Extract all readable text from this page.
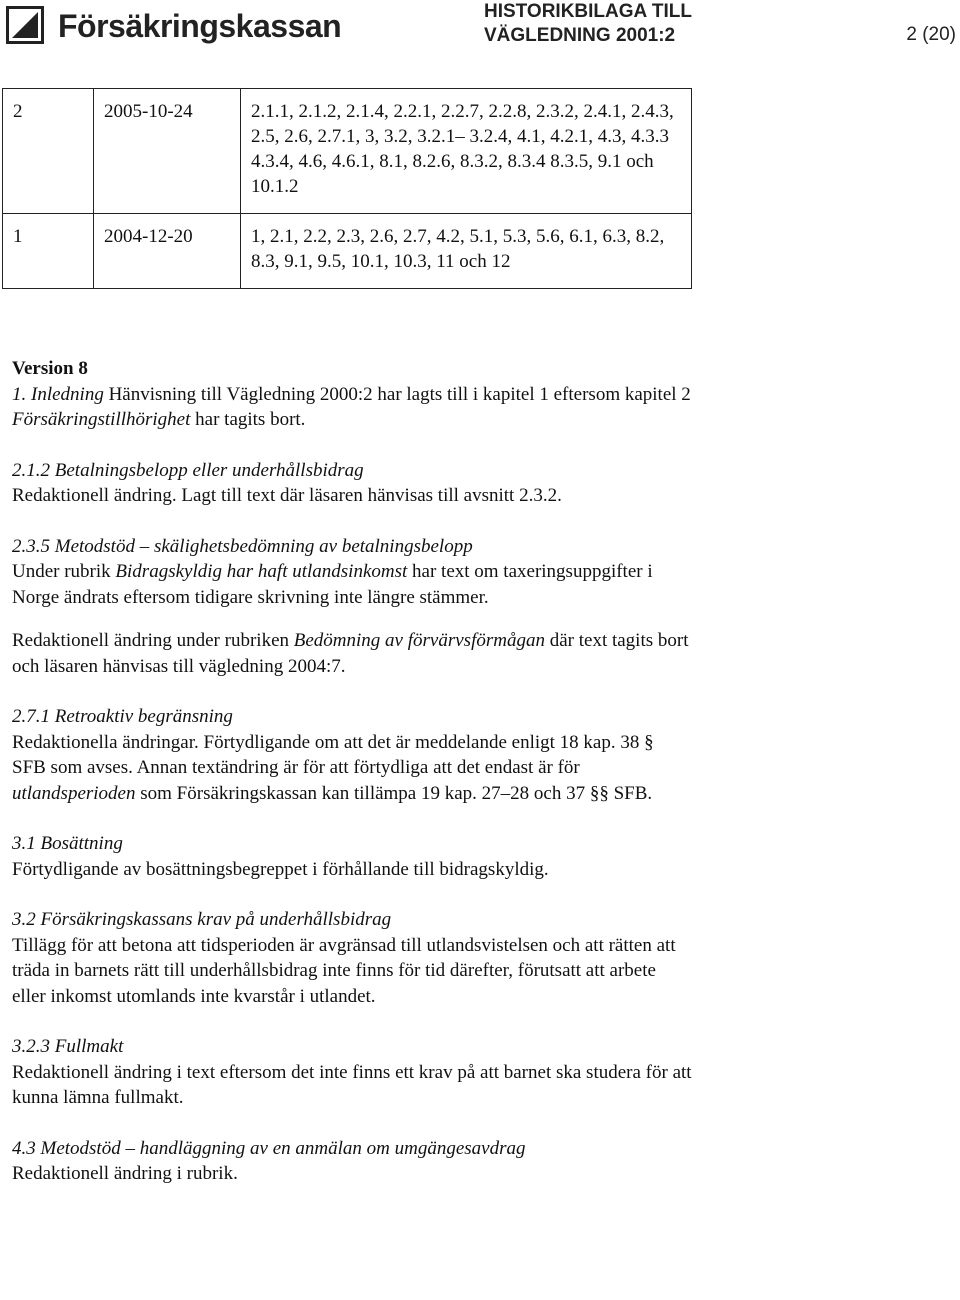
Försäkringskassan	HISTORIKBILAGA TILL
VÄGLEDNING 2001:2	2 (20)
2	2005-10-24	2.1.1, 2.1.2, 2.1.4, 2.2.1, 2.2.7, 2.2.8, 2.3.2, 2.4.1, 2.4.3, 2.5, 2.6, 2.7.1, 3, 3.2, 3.2.1– 3.2.4, 4.1, 4.2.1, 4.3, 4.3.3 4.3.4, 4.6, 4.6.1, 8.1, 8.2.6, 8.3.2, 8.3.4 8.3.5, 9.1 och 10.1.2
1	2004-12-20	1, 2.1, 2.2, 2.3, 2.6, 2.7, 4.2, 5.1, 5.3, 5.6, 6.1, 6.3, 8.2, 8.3, 9.1, 9.5, 10.1, 10.3, 11 och 12

Version 8

1. Inledning Hänvisning till Vägledning 2000:2 har lagts till i kapitel 1 eftersom kapitel 2 Försäkringstillhörighet har tagits bort.

2.1.2 Betalningsbelopp eller underhållsbidrag

Redaktionell ändring. Lagt till text där läsaren hänvisas till avsnitt 2.3.2.

2.3.5 Metodstöd – skälighetsbedömning av betalningsbelopp

Under rubrik Bidragskyldig har haft utlandsinkomst har text om taxeringsuppgifter i Norge ändrats eftersom tidigare skrivning inte längre stämmer.

Redaktionell ändring under rubriken Bedömning av förvärvsförmågan där text tagits bort och läsaren hänvisas till vägledning 2004:7.

2.7.1 Retroaktiv begränsning

Redaktionella ändringar. Förtydligande om att det är meddelande enligt 18 kap. 38 § SFB som avses. Annan textändring är för att förtydliga att det endast är för utlandsperioden som Försäkringskassan kan tillämpa 19 kap. 27–28 och 37 §§ SFB.

3.1 Bosättning

Förtydligande av bosättningsbegreppet i förhållande till bidragskyldig.

3.2 Försäkringskassans krav på underhållsbidrag

Tillägg för att betona att tidsperioden är avgränsad till utlandsvistelsen och att rätten att träda in barnets rätt till underhållsbidrag inte finns för tid därefter, förutsatt att arbete eller inkomst utomlands inte kvarstår i utlandet.

3.2.3 Fullmakt

Redaktionell ändring i text eftersom det inte finns ett krav på att barnet ska studera för att kunna lämna fullmakt.

4.3 Metodstöd – handläggning av en anmälan om umgängesavdrag

Redaktionell ändring i rubrik.
